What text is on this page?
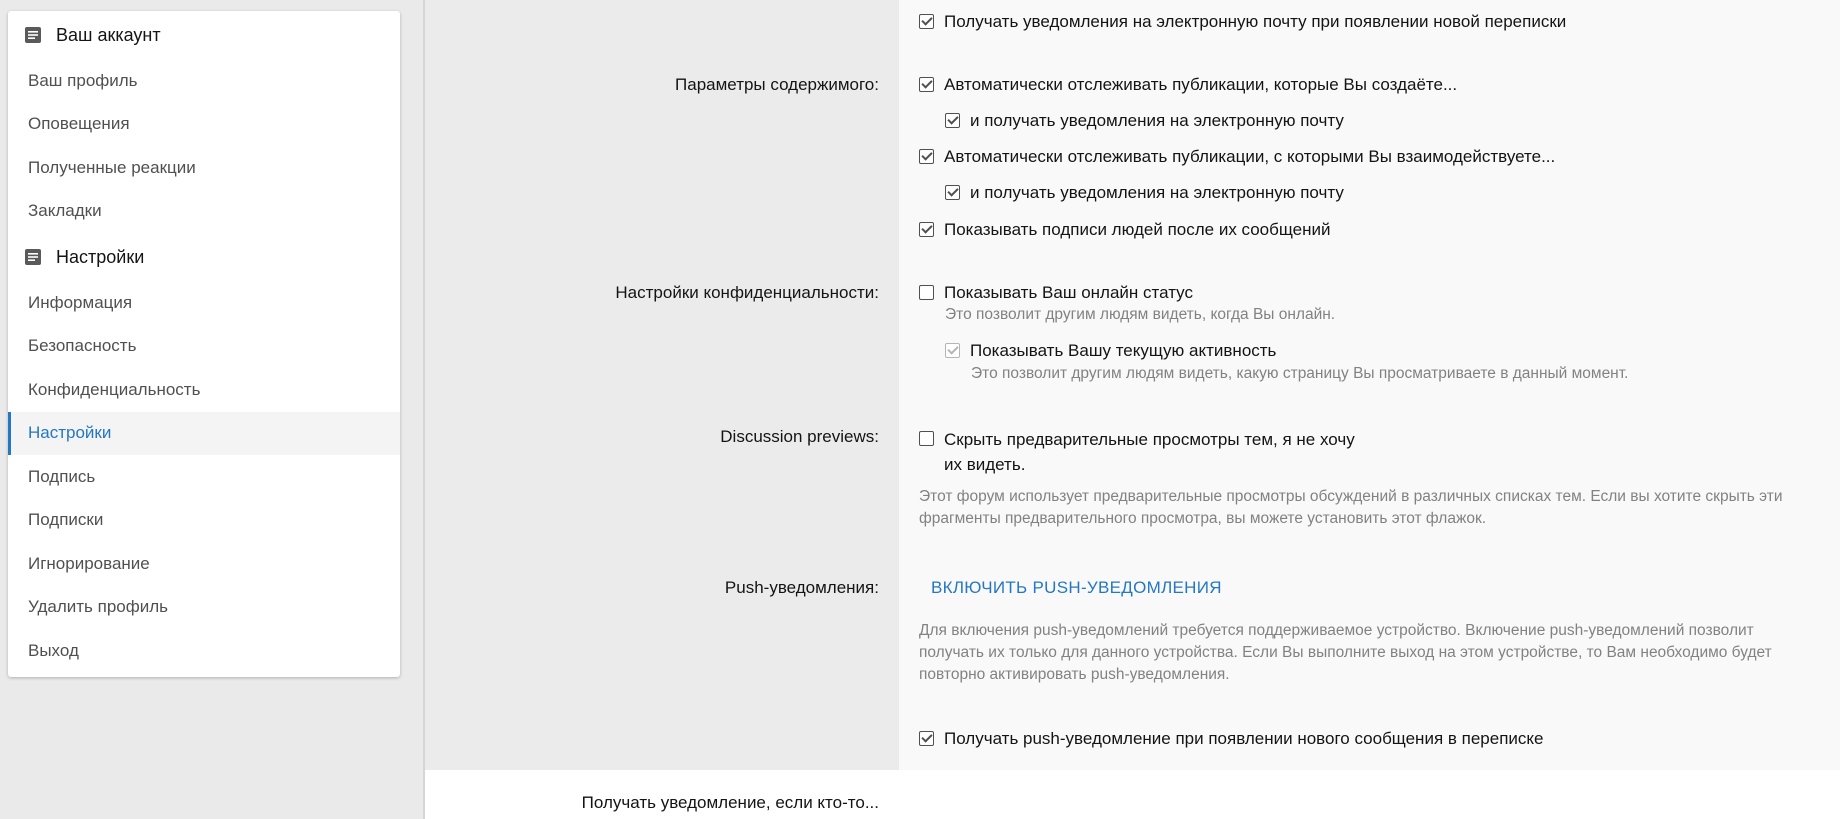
Ваш аккаунт
Ваш профиль
Оповещения
Полученные реакции
Закладки
Настройки
Информация
Безопасность
Конфиденциальность
Настройки
Подпись
Подписки
Игнорирование
Удалить профиль
Выход
Параметры содержимого:
Настройки конфиденциальности:
Discussion previews:
Push-уведомления:
Получать уведомления на электронную почту при появлении новой переписки
Автоматически отслеживать публикации, которые Вы создаёте...
и получать уведомления на электронную почту
Автоматически отслеживать публикации, с которыми Вы взаимодействуете...
и получать уведомления на электронную почту
Показывать подписи людей после их сообщений
Показывать Ваш онлайн статус
Это позволит другим людям видеть, когда Вы онлайн.
Показывать Вашу текущую активность
Это позволит другим людям видеть, какую страницу Вы просматриваете в данный момент.
Скрыть предварительные просмотры тем, я не хочу
их видеть.
Этот форум использует предварительные просмотры обсуждений в различных списках тем. Если вы хотите скрыть эти
фрагменты предварительного просмотра, вы можете установить этот флажок.
ВКЛЮЧИТЬ PUSH-УВЕДОМЛЕНИЯ
Для включения push-уведомлений требуется поддерживаемое устройство. Включение push-уведомлений позволит
получать их только для данного устройства. Если Вы выполните выход на этом устройстве, то Вам необходимо будет
повторно активировать push-уведомления.
Получать push-уведомление при появлении нового сообщения в переписке
Получать уведомление, если кто-то...
